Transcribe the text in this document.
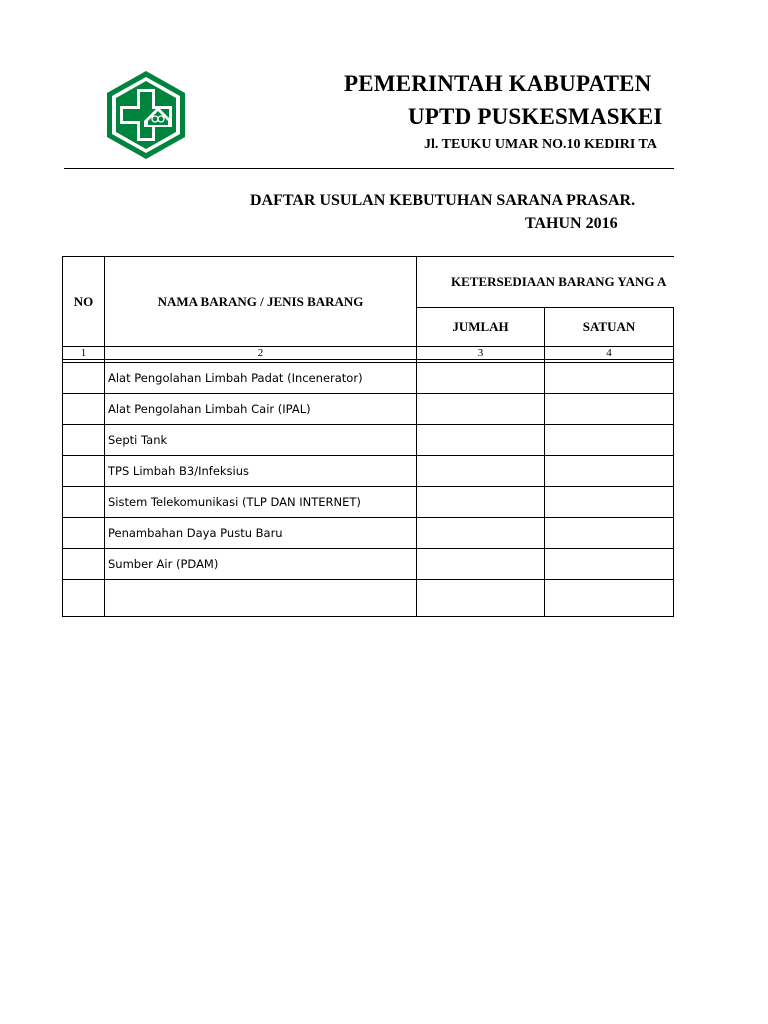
PEMERINTAH KABUPATEN
UPTD PUSKESMASKEI
Jl. TEUKU UMAR NO.10 KEDIRI TA
DAFTAR USULAN KEBUTUHAN SARANA PRASAR.
TAHUN 2016
NO	NAMA BARANG / JENIS BARANG	KETERSEDIAAN BARANG YANG A		
		JUMLAH	SATUAN	
1	2	3	4	

	Alat Pengolahan Limbah Padat (Incenerator)			
	Alat Pengolahan Limbah Cair (IPAL)			
	Septi Tank			
	TPS Limbah B3/Infeksius			
	Sistem Telekomunikasi (TLP DAN INTERNET)			
	Penambahan Daya Pustu Baru			
	Sumber Air (PDAM)			
